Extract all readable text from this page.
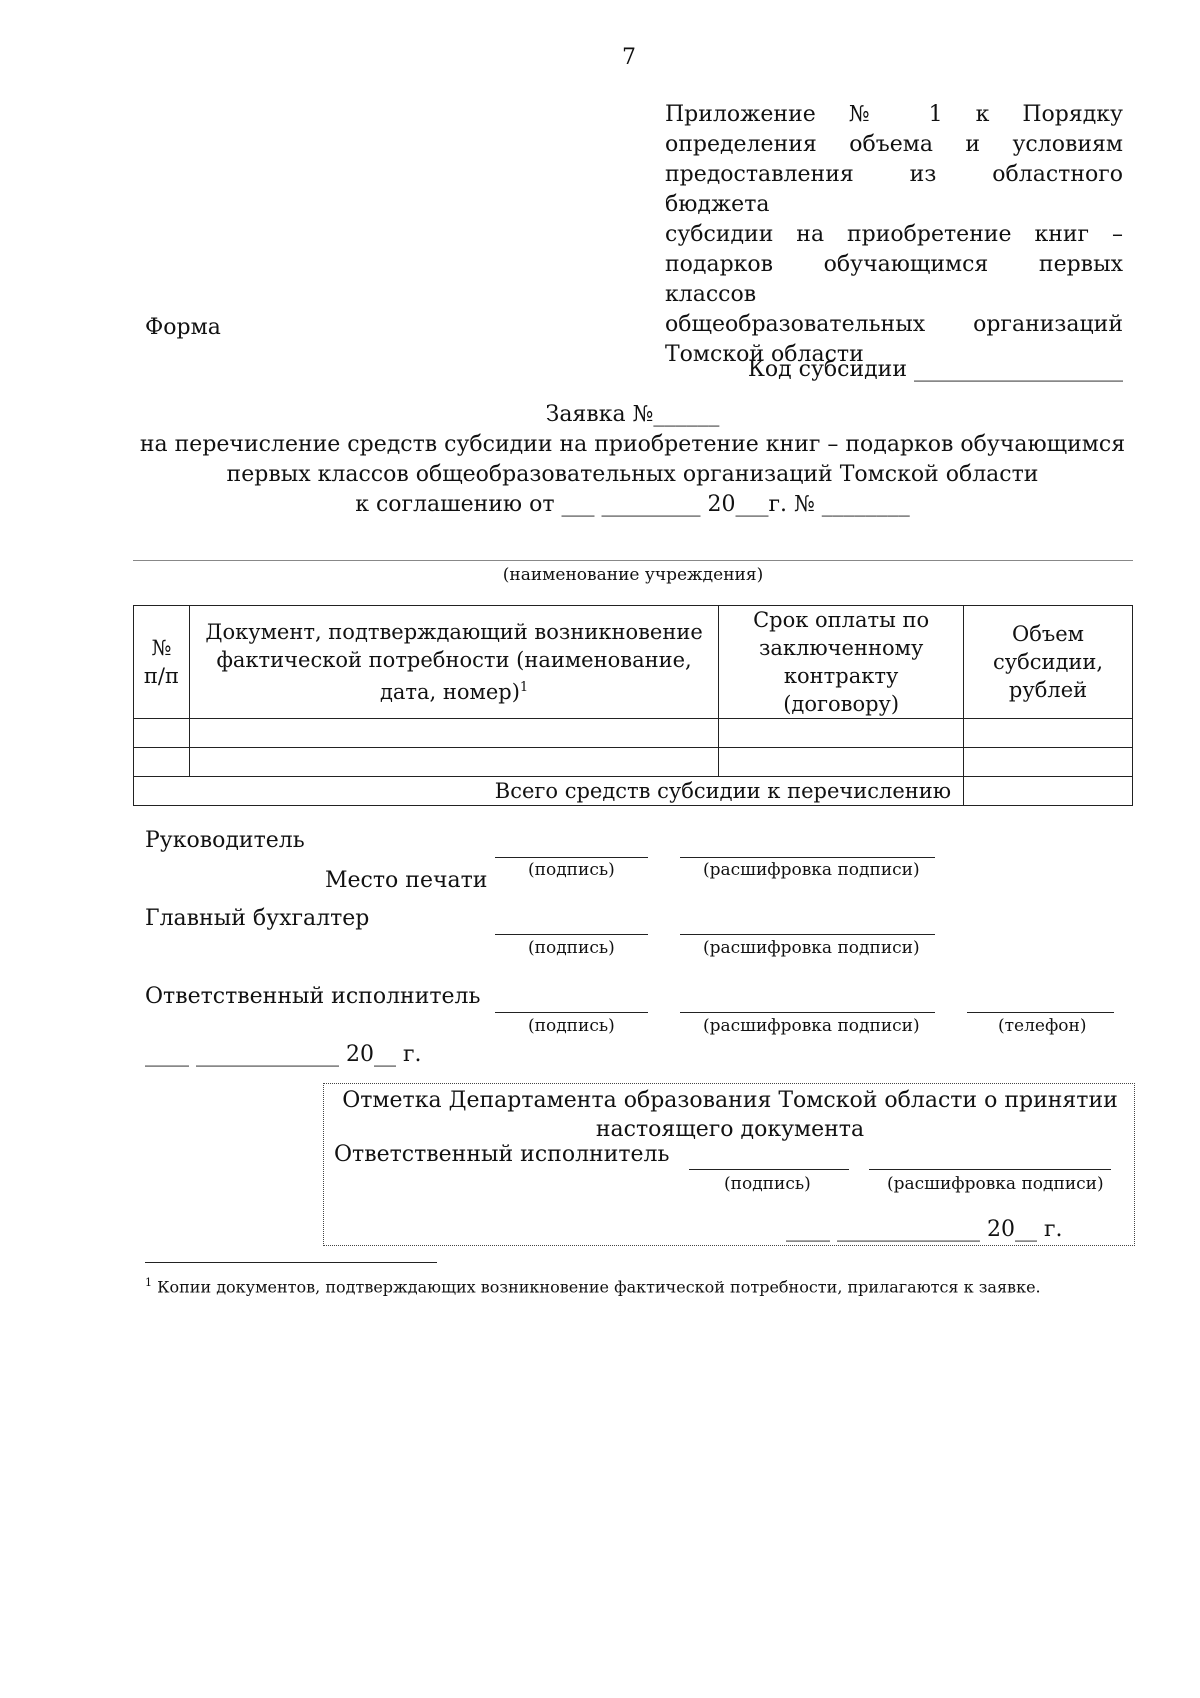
7
Приложение № 1 к Порядку
определения объема и условиям
предоставления из областного бюджета
субсидии на приобретение книг –
подарков обучающимся первых классов
общеобразовательных организаций
Томской области
Форма
Код субсидии ___________________
Заявка №______
на перечисление средств субсидии на приобретение книг – подарков обучающимся
первых классов общеобразовательных организаций Томской области
к соглашению от ___ _________ 20___г. № ________
(наименование учреждения)
№ п/п	Документ, подтверждающий возникновение фактической потребности (наименование, дата, номер)$^1$	Срок оплаты по заключенному контракту (договору)	Объем субсидии, рублей

Всего средств субсидии к перечислению			
Руководитель
(подпись)	(расшифровка подписи)
Место печати
Главный бухгалтер
(подпись)	(расшифровка подписи)
Ответственный исполнитель
(подпись)	(расшифровка подписи)	(телефон)
____ _____________ 20__ г.
Отметка Департамента образования Томской области о принятии
настоящего документа
Ответственный исполнитель
(подпись)	(расшифровка подписи)
____ _____________ 20__ г.
$^1$ Копии документов, подтверждающих возникновение фактической потребности, прилагаются к заявке.
